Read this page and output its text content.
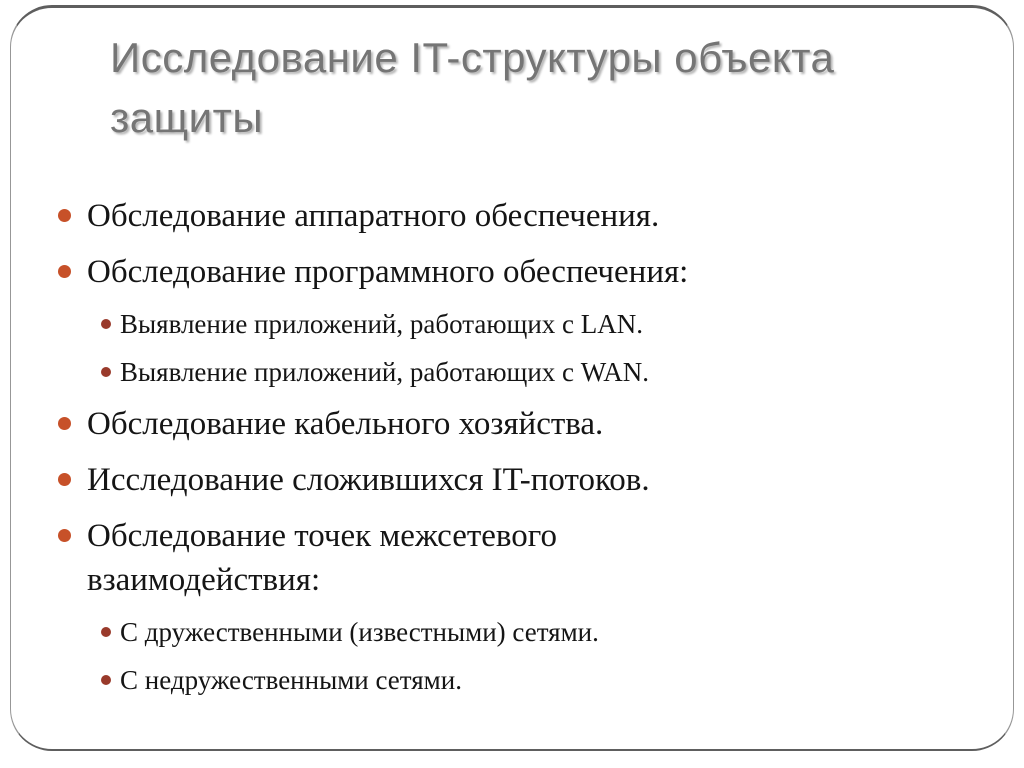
Исследование IT-структуры объекта
защиты
Обследование аппаратного обеспечения.
Обследование программного обеспечения:
Выявление приложений, работающих с LAN.
Выявление приложений, работающих с WAN.
Обследование кабельного хозяйства.
Исследование сложившихся IT-потоков.
Обследование точек межсетевого
взаимодействия:
С дружественными (известными) сетями.
С недружественными сетями.
